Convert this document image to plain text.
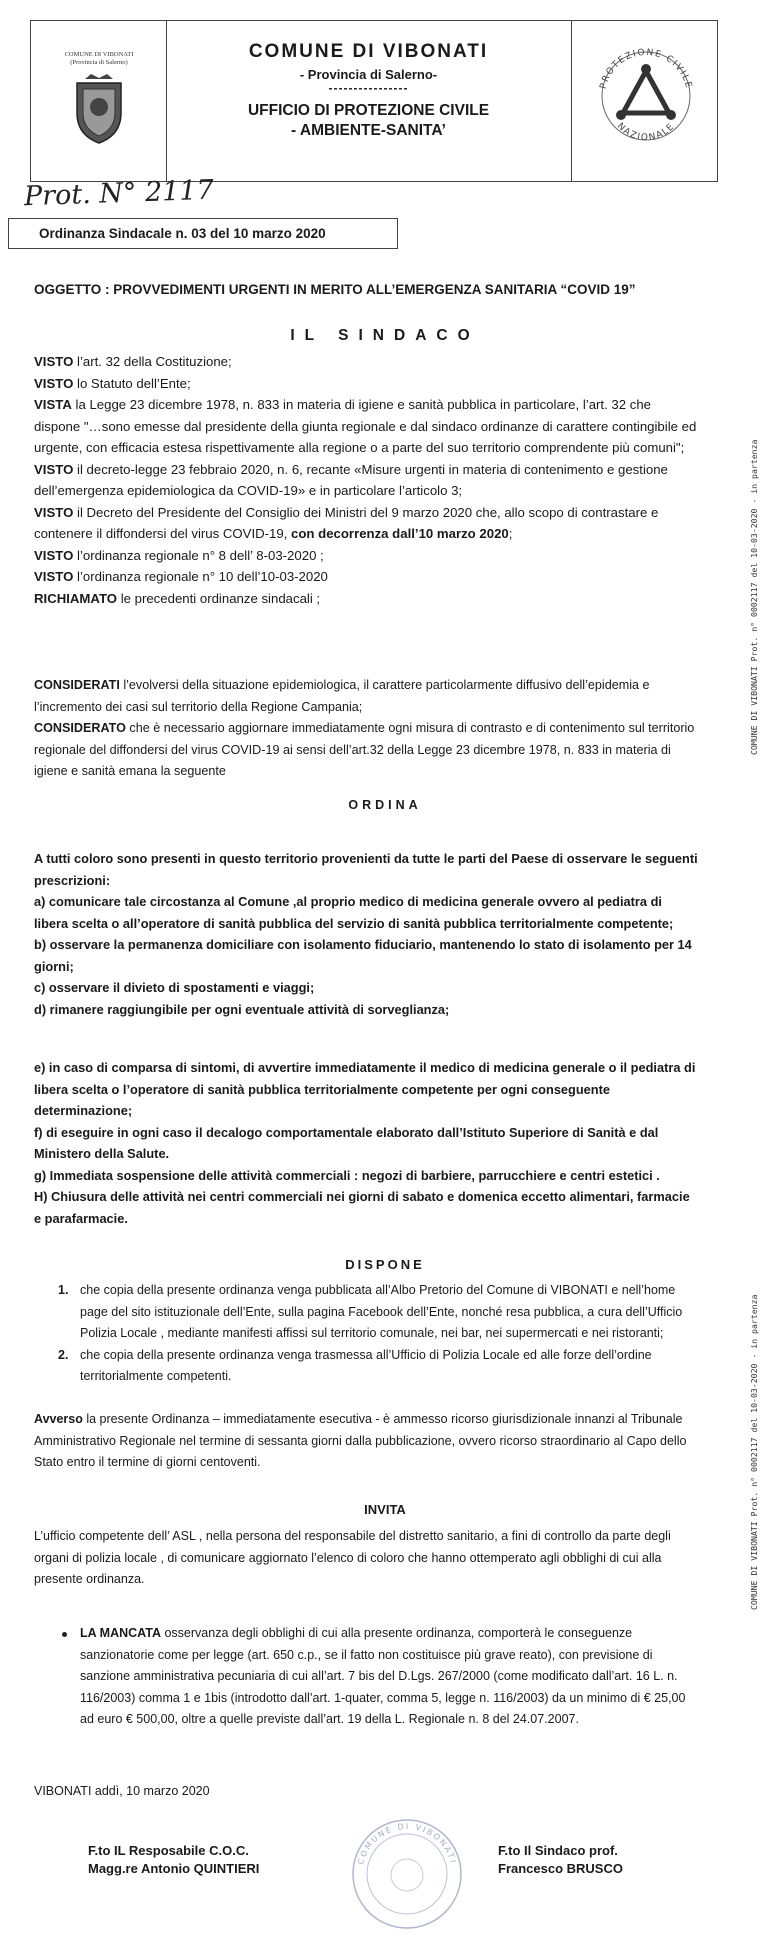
COMUNE DI VIBONATI
(Provincia di Salerno)
COMUNE DI VIBONATI
- Provincia di Salerno-
----------------
UFFICIO DI PROTEZIONE CIVILE
- AMBIENTE-SANITA’
PROTEZIONE CIVILE
NAZIONALE
Prot. N° 2117
Ordinanza Sindacale n. 03 del 10 marzo 2020
OGGETTO : PROVVEDIMENTI URGENTI IN MERITO ALL’EMERGENZA SANITARIA “COVID 19”
IL SINDACO

VISTO l’art. 32 della Costituzione;

VISTO lo Statuto dell’Ente;

VISTA la Legge 23 dicembre 1978, n. 833 in materia di igiene e sanità pubblica in particolare, l’art. 32 che dispone "…sono emesse dal presidente della giunta regionale e dal sindaco ordinanze di carattere contingibile ed urgente, con efficacia estesa rispettivamente alla regione o a parte del suo territorio comprendente più comuni";

VISTO il decreto-legge 23 febbraio 2020, n. 6, recante «Misure urgenti in materia di contenimento e gestione dell’emergenza epidemiologica da COVID-19» e in particolare l’articolo 3;

VISTO il Decreto del Presidente del Consiglio dei Ministri del 9 marzo 2020 che, allo scopo di contrastare e contenere il diffondersi del virus COVID-19, con decorrenza dall’10 marzo 2020;

VISTO l’ordinanza regionale n° 8 dell’ 8-03-2020 ;

VISTO l’ordinanza regionale n° 10 dell’10-03-2020

RICHIAMATO le precedenti ordinanze sindacali ;

CONSIDERATI l’evolversi della situazione epidemiologica, il carattere particolarmente diffusivo dell’epidemia e l’incremento dei casi sul territorio della Regione Campania;

CONSIDERATO che è necessario aggiornare immediatamente ogni misura di contrasto e di contenimento sul territorio regionale del diffondersi del virus COVID-19 ai sensi dell’art.32 della Legge 23 dicembre 1978, n. 833 in materia di igiene e sanità emana la seguente

ORDINA

A tutti coloro sono presenti in questo territorio provenienti da tutte le parti del Paese di osservare le seguenti prescrizioni:

a) comunicare tale circostanza al Comune ,al proprio medico di medicina generale ovvero al pediatra di libera scelta o all’operatore di sanità pubblica del servizio di sanità pubblica territorialmente competente;

b) osservare la permanenza domiciliare con isolamento fiduciario, mantenendo lo stato di isolamento per 14 giorni;

c) osservare il divieto di spostamenti e viaggi;

d) rimanere raggiungibile per ogni eventuale attività di sorveglianza;

e) in caso di comparsa di sintomi, di avvertire immediatamente il medico di medicina generale o il pediatra di libera scelta o l’operatore di sanità pubblica territorialmente competente per ogni conseguente determinazione;

f) di eseguire in ogni caso il decalogo comportamentale elaborato dall’Istituto Superiore di Sanità e dal Ministero della Salute.

g) Immediata sospensione delle attività commerciali : negozi di barbiere, parrucchiere e centri estetici .

H) Chiusura delle attività nei centri commerciali nei giorni di sabato e domenica eccetto alimentari, farmacie e parafarmacie.

DISPONE
1. che copia della presente ordinanza venga pubblicata all’Albo Pretorio del Comune di VIBONATI e nell’home page del sito istituzionale dell’Ente, sulla pagina Facebook dell’Ente, nonché resa pubblica, a cura dell’Ufficio Polizia Locale , mediante manifesti affissi sul territorio comunale, nei bar, nei supermercati e nei ristoranti;
2. che copia della presente ordinanza venga trasmessa all’Ufficio di Polizia Locale ed alle forze dell’ordine territorialmente competenti.
Avverso la presente Ordinanza – immediatamente esecutiva - è ammesso ricorso giurisdizionale innanzi al Tribunale Amministrativo Regionale nel termine di sessanta giorni dalla pubblicazione, ovvero ricorso straordinario al Capo dello Stato entro il termine di giorni centoventi.
INVITA
L’ufficio competente dell’ ASL , nella persona del responsabile del distretto sanitario, a fini di controllo da parte degli organi di polizia locale , di comunicare aggiornato l’elenco di coloro che hanno ottemperato agli obblighi di cui alla presente ordinanza.
LA MANCATA osservanza degli obblighi di cui alla presente ordinanza, comporterà le conseguenze sanzionatorie come per legge (art. 650 c.p., se il fatto non costituisce più grave reato), con previsione di sanzione amministrativa pecuniaria di cui all’art. 7 bis del D.Lgs. 267/2000 (come modificato dall’art. 16 L. n. 116/2003) comma 1 e 1bis (introdotto dall’art. 1-quater, comma 5, legge n. 116/2003) da un minimo di € 25,00 ad euro € 500,00, oltre a quelle previste dall’art. 19 della L. Regionale n. 8 del 24.07.2007.
VIBONATI addì, 10 marzo 2020
F.to IL Resposabile C.O.C.
Magg.re Antonio QUINTIERI
COMUNE DI VIBONATI
F.to Il Sindaco prof.
Francesco BRUSCO
COMUNE DI VIBONATI Prot. n° 0002117 del 10-03-2020 - in partenza
COMUNE DI VIBONATI Prot. n° 0002117 del 10-03-2020 - in partenza
